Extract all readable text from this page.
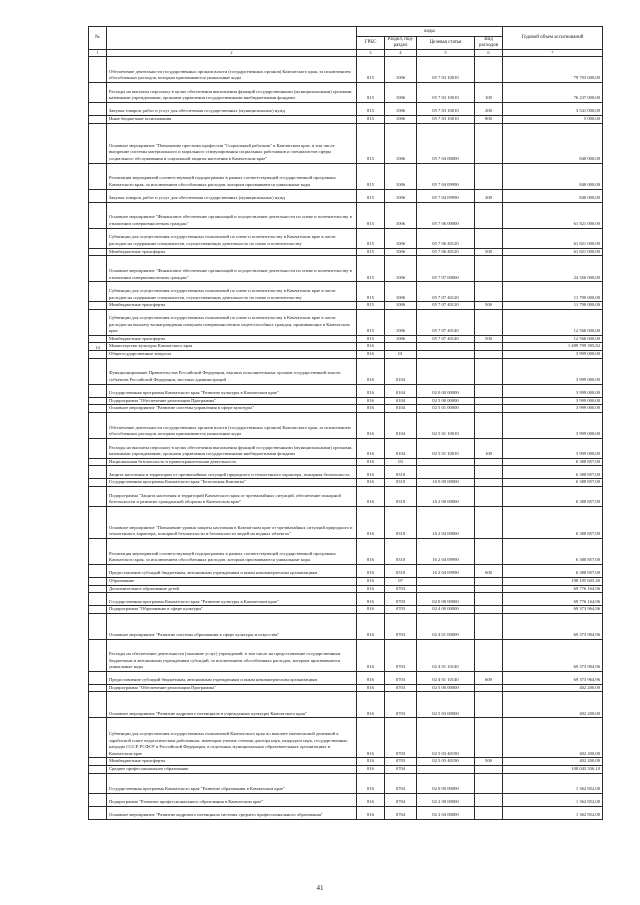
№		коды				Годовой объем ассигнований
		ГРБС	Раздел, под-раздел	Целевая статья	Вид расходов	
1	2	3	4	5	6	7
	Обеспечение деятельности государственных органов власти (государственных органов) Камчатского края, за исключением обособленных расходов, которым присваиваются уникальные коды	815	1006	05 7 03 10010		79 703 000,00
	Расходы на выплаты персоналу в целях обеспечения выполнения функций государственными (муниципальными) органами, казенными учреждениями, органами управления государственными внебюджетными фондами	815	1006	05 7 03 10010	100	76 237 000,00
	Закупка товаров, работ и услуг для обеспечения государственных (муниципальных) нужд	815	1006	05 7 03 10010	200	3 541 000,00
	Иные бюджетные ассигнования	815	1006	05 7 03 10010	800	5 000,00
	Основное мероприятие "Повышение престижа профессии "Социальный работник" в Камчатском крае, в том числе внедрение системы материального и морального стимулирования социальных работников и специалистов сферы социального обслуживания и социальной защиты населения в Камчатском крае"	815	1006	05 7 04 00000		840 000,00
	Реализация мероприятий соответствующей подпрограммы в рамках соответствующей государственной программы Камчатского края, за исключением обособленных расходов, которым присваиваются уникальные коды	815	1006	05 7 04 09990		840 000,00
	Закупка товаров, работ и услуг для обеспечения государственных (муниципальных) нужд	815	1006	05 7 04 09990	200	840 000,00
	Основное мероприятие "Финансовое обеспечение организаций и осуществление деятельности по опеке и попечительству в отношении совершеннолетних граждан"	815	1006	05 7 06 00000		61 821 000,00
	Субвенции для осуществления государственных полномочий по опеке и попечительству в Камчатском крае в части расходов на содержание специалистов, осуществляющих деятельность по опеке и попечительству	815	1006	05 7 06 40120		61 821 000,00
	Межбюджетные трансферты	815	1006	05 7 06 40120	500	61 821 000,00
	Основное мероприятие "Финансовое обеспечение организаций и осуществление деятельности по опеке и попечительству в отношении совершеннолетних граждан"	815	1006	05 7 07 00000		24 356 000,00
	Субвенции для осуществления государственных полномочий по опеке и попечительству в Камчатском крае в части расходов на содержание специалистов, осуществляющих деятельность по опеке и попечительству	815	1006	05 7 07 40120		11 790 000,00
	Межбюджетные трансферты	815	1006	05 7 07 40120	500	11 790 000,00
	Субвенции для осуществления государственных полномочий по опеке и попечительству в Камчатском крае в части расходов на выплату вознаграждения опекунам совершеннолетних недееспособных граждан, проживающих в Камчатском крае	815	1006	05 7 07 40140		12 566 000,00
	Межбюджетные трансферты	815	1006	05 7 07 40140	500	12 566 000,00
14	Министерство культуры Камчатского края	816				1 489 799 395,82
	Общегосударственные вопросы	816	01			3 999 000,00
	Функционирование Правительства Российской Федерации, высших исполнительных органов государственной власти субъектов Российской Федерации, местных администраций	816	0104			3 999 000,00
	Государственная программа Камчатского края "Развитие культуры в Камчатском крае"	816	0104	02 0 00 00000		3 999 000,00
	Подпрограмма "Обеспечение реализации Программы"	816	0104	02 5 00 00000		3 999 000,00
	Основное мероприятие "Развитие системы управления в сфере культуры"	816	0104	02 5 01 00000		3 999 000,00
	Обеспечение деятельности государственных органов власти (государственных органов) Камчатского края, за исключением обособленных расходов, которым присваиваются уникальные коды	816	0104	02 5 01 10010		3 999 000,00
	Расходы на выплаты персоналу в целях обеспечения выполнения функций государственными (муниципальными) органами, казенными учреждениями, органами управления государственными внебюджетными фондами	816	0104	02 5 01 10010	100	3 999 000,00
	Национальная безопасность и правоохранительная деятельность	816	03			6 388 857,00
	Защита населения и территории от чрезвычайных ситуаций природного и техногенного характера, пожарная безопасность	816	0310			6 388 857,00
	Государственная программа Камчатского края "Безопасная Камчатка"	816	0310	16 0 00 00000		6 388 857,00
	Подпрограмма "Защита населения и территорий Камчатского края от чрезвычайных ситуаций, обеспечение пожарной безопасности и развитие гражданской обороны в Камчатском крае"	816	0310	16 2 00 00000		6 388 857,00
	Основное мероприятие "Повышение уровня защиты населения в Камчатском крае от чрезвычайных ситуаций природного и техногенного характера, пожарной безопасности и безопасности людей на водных объектах"	816	0310	16 2 04 00000		6 388 857,00
	Реализация мероприятий соответствующей подпрограммы в рамках соответствующей государственной программы Камчатского края, за исключением обособленных расходов, которым присваиваются уникальные коды	816	0310	16 2 04 09990		6 388 857,00
	Предоставление субсидий бюджетным, автономным учреждениям и иным некоммерческим организациям	816	0310	16 2 04 09990	600	6 388 857,00
	Образование	816	07			198 195 605,40
	Дополнительное образование детей	816	0703			69 776 164,96
	Государственная программа Камчатского края "Развитие культуры в Камчатском крае"	816	0703	02 0 00 00000		69 776 164,96
	Подпрограмма "Образование в сфере культуры"	816	0703	02 4 00 00000		69 373 964,96
	Основное мероприятие "Развитие системы образования в сфере культуры и искусства"	816	0703	02 4 01 00000		69 373 964,96
	Расходы на обеспечение деятельности (оказание услуг) учреждений, в том числе на предоставление государственным бюджетным и автономным учреждениям субсидий, за исключением обособленных расходов, которым присваиваются уникальные коды	816	0703	02 4 01 10140		69 373 964,96
	Предоставление субсидий бюджетным, автономным учреждениям и иным некоммерческим организациям	816	0703	02 4 01 10140	600	69 373 964,96
	Подпрограмма "Обеспечение реализации Программы"	816	0703	02 5 00 00000		402 200,00
	Основное мероприятие "Развитие кадрового потенциала в учреждениях культуры Камчатского края"	816	0703	02 5 03 00000		402 200,00
	Субвенции для осуществления государственных полномочий Камчатского края по выплате ежемесячной денежной к заработной плате педагогическим работникам, имеющим ученые степени доктора наук, кандидата наук, государственные награды СССР, РСФСР и Российской Федерации, в отдельных муниципальных образовательных организациях в Камчатском крае	816	0703	02 5 03 40190		402 200,00
	Межбюджетные трансферты	816	0703	02 5 03 40190	500	402 200,00
	Среднее профессиональное образование	816	0704			108 043 336,10
	Государственная программа Камчатского края "Развитие образования в Камчатском крае"	816	0704	02 0 00 00000		1 362 852,00
	Подпрограмма "Развитие профессионального образования в Камчатском крае"	816	0704	02 2 00 00000		1 362 852,00
	Основное мероприятие "Развитие кадрового потенциала системы среднего профессионального образования"	816	0704	02 2 04 00000		1 362 852,00
41
